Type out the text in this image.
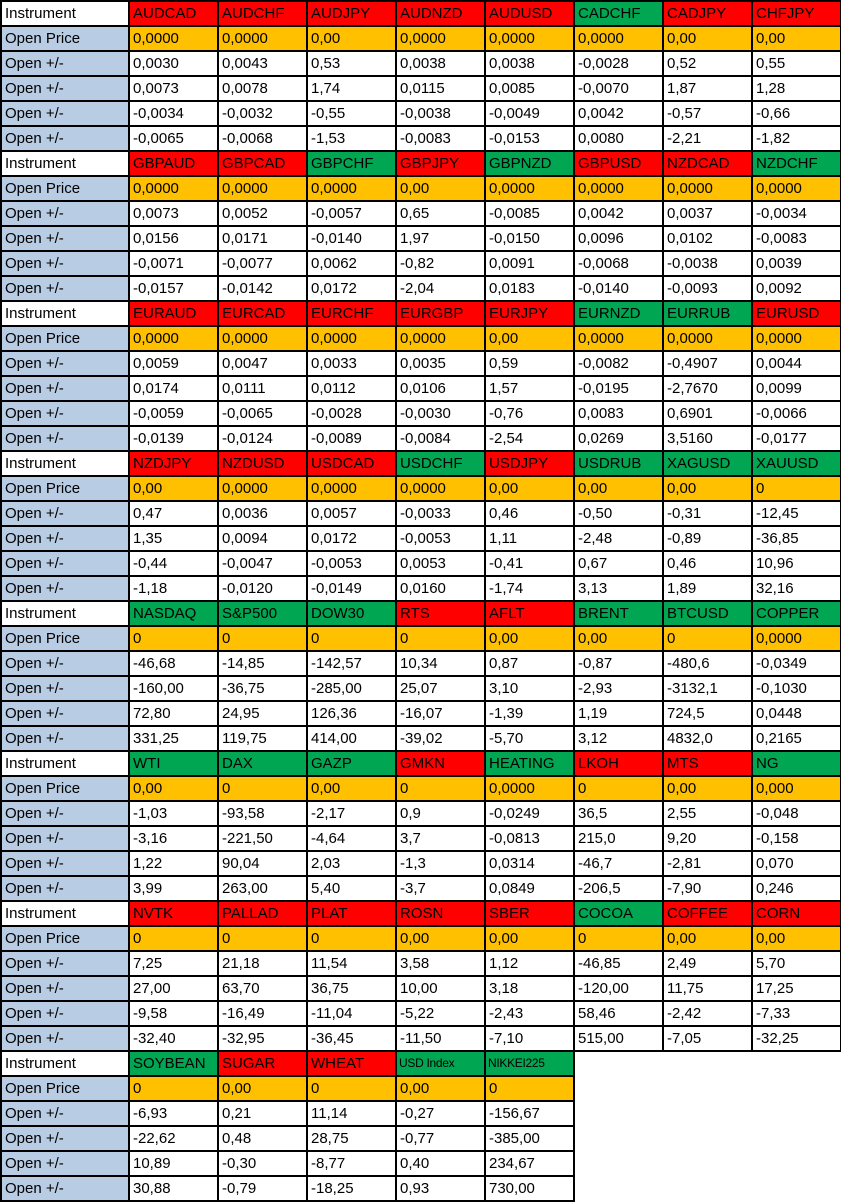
Instrument	AUDCAD	AUDCHF	AUDJPY	AUDNZD	AUDUSD	CADCHF	CADJPY	CHFJPY
Open Price	0,0000	0,0000	0,00	0,0000	0,0000	0,0000	0,00	0,00
Open +/-	0,0030	0,0043	0,53	0,0038	0,0038	-0,0028	0,52	0,55
Open +/-	0,0073	0,0078	1,74	0,0115	0,0085	-0,0070	1,87	1,28
Open +/-	-0,0034	-0,0032	-0,55	-0,0038	-0,0049	0,0042	-0,57	-0,66
Open +/-	-0,0065	-0,0068	-1,53	-0,0083	-0,0153	0,0080	-2,21	-1,82
Instrument	GBPAUD	GBPCAD	GBPCHF	GBPJPY	GBPNZD	GBPUSD	NZDCAD	NZDCHF
Open Price	0,0000	0,0000	0,0000	0,00	0,0000	0,0000	0,0000	0,0000
Open +/-	0,0073	0,0052	-0,0057	0,65	-0,0085	0,0042	0,0037	-0,0034
Open +/-	0,0156	0,0171	-0,0140	1,97	-0,0150	0,0096	0,0102	-0,0083
Open +/-	-0,0071	-0,0077	0,0062	-0,82	0,0091	-0,0068	-0,0038	0,0039
Open +/-	-0,0157	-0,0142	0,0172	-2,04	0,0183	-0,0140	-0,0093	0,0092
Instrument	EURAUD	EURCAD	EURCHF	EURGBP	EURJPY	EURNZD	EURRUB	EURUSD
Open Price	0,0000	0,0000	0,0000	0,0000	0,00	0,0000	0,0000	0,0000
Open +/-	0,0059	0,0047	0,0033	0,0035	0,59	-0,0082	-0,4907	0,0044
Open +/-	0,0174	0,0111	0,0112	0,0106	1,57	-0,0195	-2,7670	0,0099
Open +/-	-0,0059	-0,0065	-0,0028	-0,0030	-0,76	0,0083	0,6901	-0,0066
Open +/-	-0,0139	-0,0124	-0,0089	-0,0084	-2,54	0,0269	3,5160	-0,0177
Instrument	NZDJPY	NZDUSD	USDCAD	USDCHF	USDJPY	USDRUB	XAGUSD	XAUUSD
Open Price	0,00	0,0000	0,0000	0,0000	0,00	0,00	0,00	0
Open +/-	0,47	0,0036	0,0057	-0,0033	0,46	-0,50	-0,31	-12,45
Open +/-	1,35	0,0094	0,0172	-0,0053	1,11	-2,48	-0,89	-36,85
Open +/-	-0,44	-0,0047	-0,0053	0,0053	-0,41	0,67	0,46	10,96
Open +/-	-1,18	-0,0120	-0,0149	0,0160	-1,74	3,13	1,89	32,16
Instrument	NASDAQ	S&P500	DOW30	RTS	AFLT	BRENT	BTCUSD	COPPER
Open Price	0	0	0	0	0,00	0,00	0	0,0000
Open +/-	-46,68	-14,85	-142,57	10,34	0,87	-0,87	-480,6	-0,0349
Open +/-	-160,00	-36,75	-285,00	25,07	3,10	-2,93	-3132,1	-0,1030
Open +/-	72,80	24,95	126,36	-16,07	-1,39	1,19	724,5	0,0448
Open +/-	331,25	119,75	414,00	-39,02	-5,70	3,12	4832,0	0,2165
Instrument	WTI	DAX	GAZP	GMKN	HEATING	LKOH	MTS	NG
Open Price	0,00	0	0,00	0	0,0000	0	0,00	0,000
Open +/-	-1,03	-93,58	-2,17	0,9	-0,0249	36,5	2,55	-0,048
Open +/-	-3,16	-221,50	-4,64	3,7	-0,0813	215,0	9,20	-0,158
Open +/-	1,22	90,04	2,03	-1,3	0,0314	-46,7	-2,81	0,070
Open +/-	3,99	263,00	5,40	-3,7	0,0849	-206,5	-7,90	0,246
Instrument	NVTK	PALLAD	PLAT	ROSN	SBER	COCOA	COFFEE	CORN
Open Price	0	0	0	0,00	0,00	0	0,00	0,00
Open +/-	7,25	21,18	11,54	3,58	1,12	-46,85	2,49	5,70
Open +/-	27,00	63,70	36,75	10,00	3,18	-120,00	11,75	17,25
Open +/-	-9,58	-16,49	-11,04	-5,22	-2,43	58,46	-2,42	-7,33
Open +/-	-32,40	-32,95	-36,45	-11,50	-7,10	515,00	-7,05	-32,25
Instrument	SOYBEAN	SUGAR	WHEAT	USD Index	NIKKEI225			
Open Price	0	0,00	0	0,00	0			
Open +/-	-6,93	0,21	11,14	-0,27	-156,67			
Open +/-	-22,62	0,48	28,75	-0,77	-385,00			
Open +/-	10,89	-0,30	-8,77	0,40	234,67			
Open +/-	30,88	-0,79	-18,25	0,93	730,00			
